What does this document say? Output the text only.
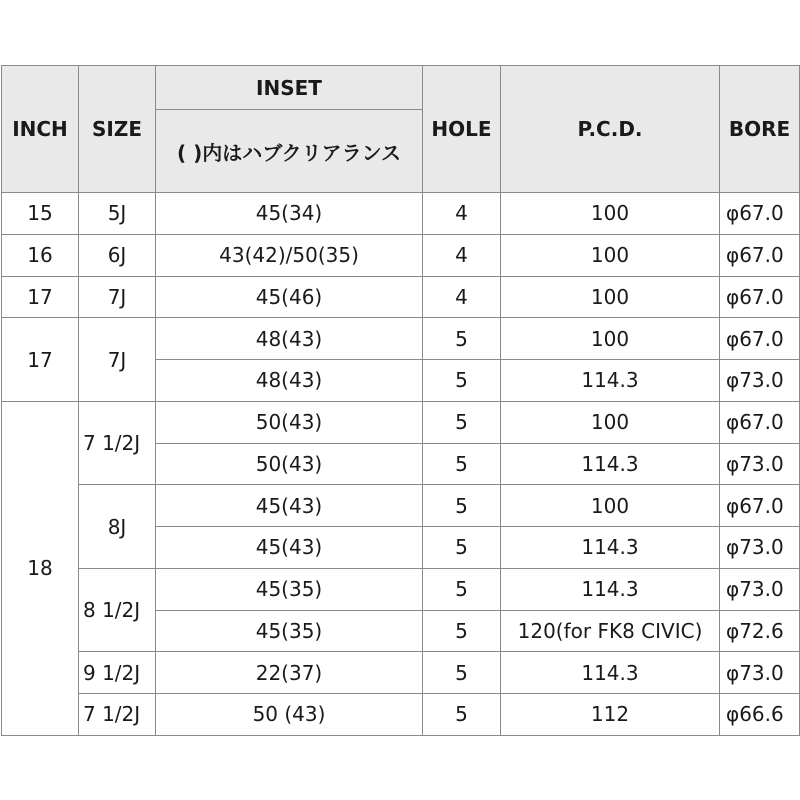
INCH	SIZE	INSET	HOLE	P.C.D.	BORE
		( )内はハブクリアランス			
15	5J	45(34)	4	100	φ67.0
16	6J	43(42)/50(35)	4	100	φ67.0
17	7J	45(46)	4	100	φ67.0
17	7J	48(43)	5	100	φ67.0
		48(43)	5	114.3	φ73.0
18	7 1/2J	50(43)	5	100	φ67.0
		50(43)	5	114.3	φ73.0
	8J	45(43)	5	100	φ67.0
		45(43)	5	114.3	φ73.0
	8 1/2J	45(35)	5	114.3	φ73.0
		45(35)	5	120(for FK8 CIVIC)	φ72.6
	9 1/2J	22(37)	5	114.3	φ73.0
	7 1/2J	50 (43)	5	112	φ66.6
